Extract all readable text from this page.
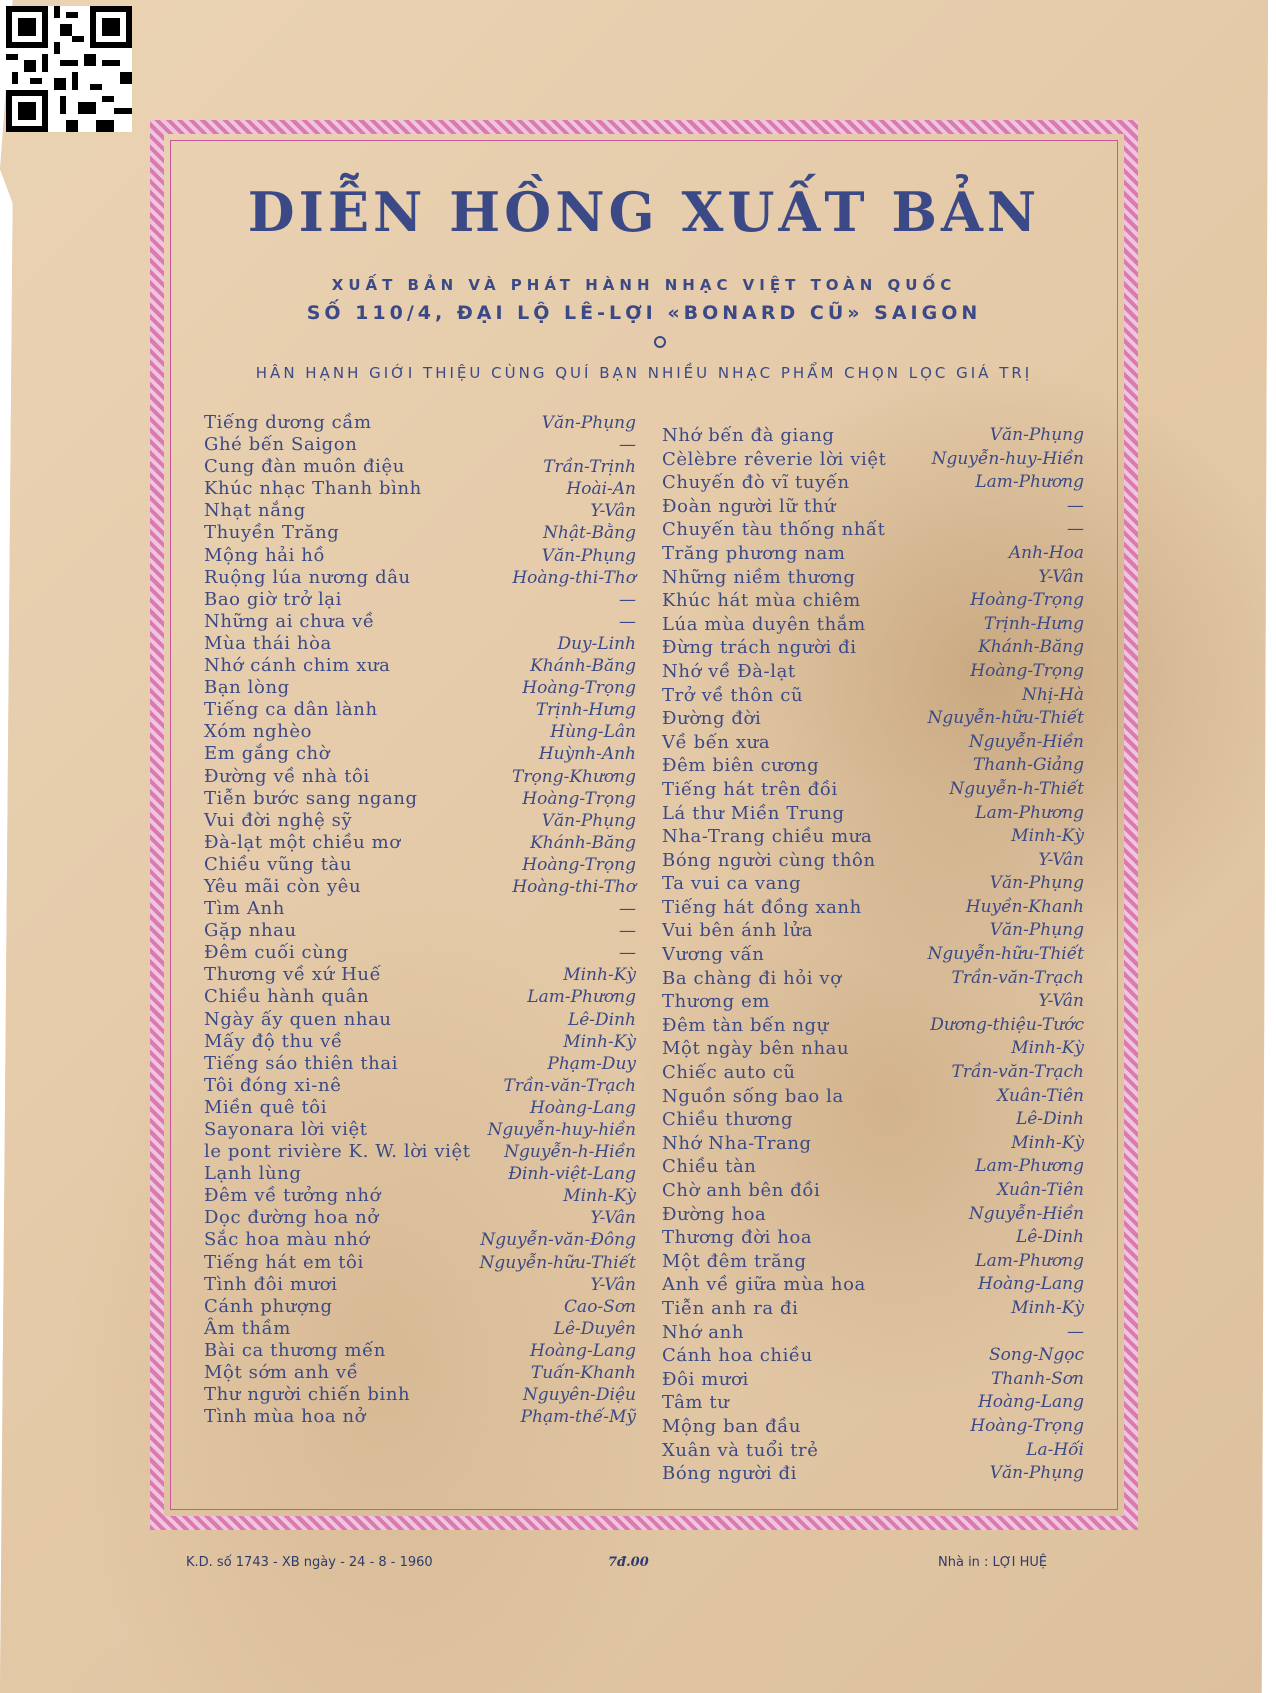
DIỄN HỒNG XUẤT BẢN
XUẤT BẢN VÀ PHÁT HÀNH NHẠC VIỆT TOÀN QUỐC
SỐ 110/4, ĐẠI LỘ LÊ-LỢI «BONARD CŨ» SAIGON
HÂN HẠNH GIỚI THIỆU CÙNG QUÍ BẠN NHIỀU NHẠC PHẨM CHỌN LỌC GIÁ TRỊ
Tiếng dương cầm	Văn-Phụng
Ghé bến Saigon	—
Cung đàn muôn điệu	Trần-Trịnh
Khúc nhạc Thanh bình	Hoài-An
Nhạt nắng	Y-Vân
Thuyền Trăng	Nhật-Bằng
Mộng hải hồ	Văn-Phụng
Ruộng lúa nương dâu	Hoàng-thi-Thơ
Bao giờ trở lại	—
Những ai chưa về	—
Mùa thái hòa	Duy-Linh
Nhớ cánh chim xưa	Khánh-Băng
Bạn lòng	Hoàng-Trọng
Tiếng ca dân lành	Trịnh-Hưng
Xóm nghèo	Hùng-Lân
Em gắng chờ	Huỳnh-Anh
Đường về nhà tôi	Trọng-Khương
Tiễn bước sang ngang	Hoàng-Trọng
Vui đời nghệ sỹ	Văn-Phụng
Đà-lạt một chiều mơ	Khánh-Băng
Chiều vũng tàu	Hoàng-Trọng
Yêu mãi còn yêu	Hoàng-thi-Thơ
Tìm Anh	—
Gặp nhau	—
Đêm cuối cùng	—
Thương về xứ Huế	Minh-Kỳ
Chiều hành quân	Lam-Phương
Ngày ấy quen nhau	Lê-Dinh
Mấy độ thu về	Minh-Kỳ
Tiếng sáo thiên thai	Phạm-Duy
Tôi đóng xi-nê	Trần-văn-Trạch
Miền quê tôi	Hoàng-Lang
Sayonara lời việt	Nguyễn-huy-hiền
le pont rivière K. W. lời việt Nguyễn-h-Hiền
Lạnh lùng	Đinh-việt-Lang
Đêm về tưởng nhớ	Minh-Kỳ
Dọc đường hoa nở	Y-Vân
Sắc hoa màu nhớ	Nguyễn-văn-Đông
Tiếng hát em tôi	Nguyễn-hữu-Thiết
Tình đôi mươi	Y-Vân
Cánh phượng	Cao-Sơn
Âm thầm	Lê-Duyên
Bài ca thương mến	Hoàng-Lang
Một sớm anh về	Tuấn-Khanh
Thư người chiến binh	Nguyên-Diệu
Tình mùa hoa nở	Phạm-thế-Mỹ
Nhớ bến đà giang	Văn-Phụng
Cèlèbre rêverie lời việt	Nguyễn-huy-Hiền
Chuyến đò vĩ tuyến	Lam-Phương
Đoàn người lữ thứ	—
Chuyến tàu thống nhất	—
Trăng phương nam	Anh-Hoa
Những niềm thương	Y-Vân
Khúc hát mùa chiêm	Hoàng-Trọng
Lúa mùa duyên thắm	Trịnh-Hưng
Đừng trách người đi	Khánh-Băng
Nhớ về Đà-lạt	Hoàng-Trọng
Trở về thôn cũ	Nhị-Hà
Đường đời	Nguyễn-hữu-Thiết
Về bến xưa	Nguyễn-Hiền
Đêm biên cương	Thanh-Giảng
Tiếng hát trên đồi	Nguyễn-h-Thiết
Lá thư Miền Trung	Lam-Phương
Nha-Trang chiều mưa	Minh-Kỳ
Bóng người cùng thôn	Y-Vân
Ta vui ca vang	Văn-Phụng
Tiếng hát đồng xanh	Huyền-Khanh
Vui bên ánh lửa	Văn-Phụng
Vương vấn	Nguyễn-hữu-Thiết
Ba chàng đi hỏi vợ	Trần-văn-Trạch
Thương em	Y-Vân
Đêm tàn bến ngự	Dương-thiệu-Tước
Một ngày bên nhau	Minh-Kỳ
Chiếc auto cũ	Trần-văn-Trạch
Nguồn sống bao la	Xuân-Tiên
Chiều thương	Lê-Dinh
Nhớ Nha-Trang	Minh-Kỳ
Chiều tàn	Lam-Phương
Chờ anh bên đồi	Xuân-Tiên
Đường hoa	Nguyễn-Hiền
Thương đời hoa	Lê-Dinh
Một đêm trăng	Lam-Phương
Anh về giữa mùa hoa	Hoàng-Lang
Tiễn anh ra đi	Minh-Kỳ
Nhớ anh	—
Cánh hoa chiều	Song-Ngọc
Đôi mươi	Thanh-Sơn
Tâm tư	Hoàng-Lang
Mộng ban đầu	Hoàng-Trọng
Xuân và tuổi trẻ	La-Hối
Bóng người đi	Văn-Phụng
K.D. số 1743 - XB ngày - 24 - 8 - 1960	7đ.00	Nhà in : LỢI HUỆ
